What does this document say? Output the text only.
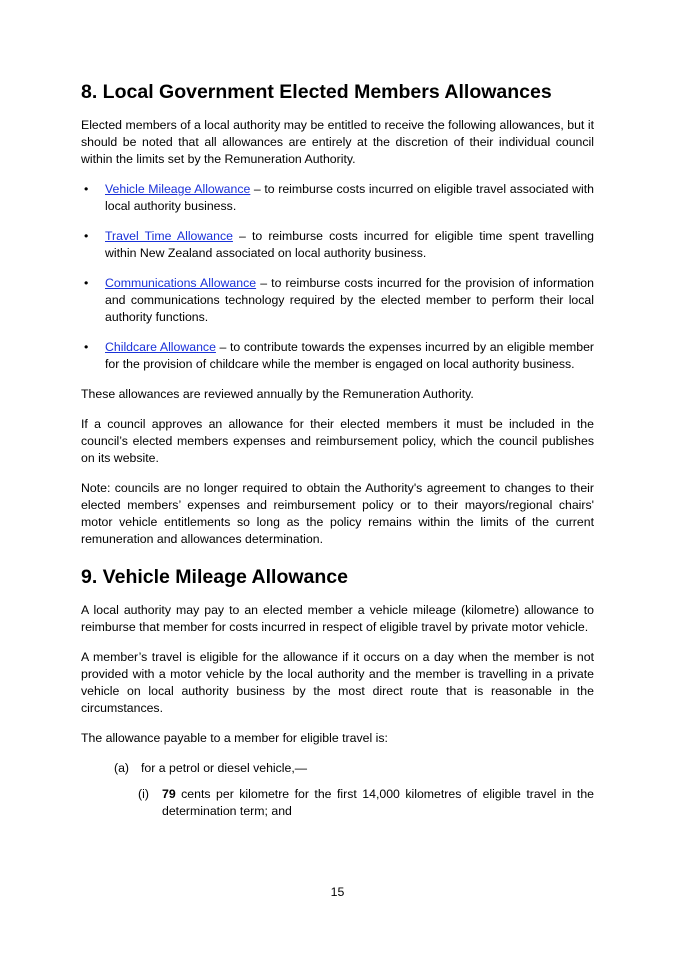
8. Local Government Elected Members Allowances

Elected members of a local authority may be entitled to receive the following allowances, but it should be noted that all allowances are entirely at the discretion of their individual council within the limits set by the Remuneration Authority.

• Vehicle Mileage Allowance – to reimburse costs incurred on eligible travel associated with local authority business.
• Travel Time Allowance – to reimburse costs incurred for eligible time spent travelling within New Zealand associated on local authority business.
• Communications Allowance – to reimburse costs incurred for the provision of information and communications technology required by the elected member to perform their local authority functions.
• Childcare Allowance – to contribute towards the expenses incurred by an eligible member for the provision of childcare while the member is engaged on local authority business.

These allowances are reviewed annually by the Remuneration Authority.

If a council approves an allowance for their elected members it must be included in the council’s elected members expenses and reimbursement policy, which the council publishes on its website.

Note: councils are no longer required to obtain the Authority's agreement to changes to their elected members’ expenses and reimbursement policy or to their mayors/regional chairs' motor vehicle entitlements so long as the policy remains within the limits of the current remuneration and allowances determination.

9. Vehicle Mileage Allowance

A local authority may pay to an elected member a vehicle mileage (kilometre) allowance to reimburse that member for costs incurred in respect of eligible travel by private motor vehicle.

A member’s travel is eligible for the allowance if it occurs on a day when the member is not provided with a motor vehicle by the local authority and the member is travelling in a private vehicle on local authority business by the most direct route that is reasonable in the circumstances.

The allowance payable to a member for eligible travel is:

(a) for a petrol or diesel vehicle,—
(i) 79 cents per kilometre for the first 14,000 kilometres of eligible travel in the determination term; and
15
